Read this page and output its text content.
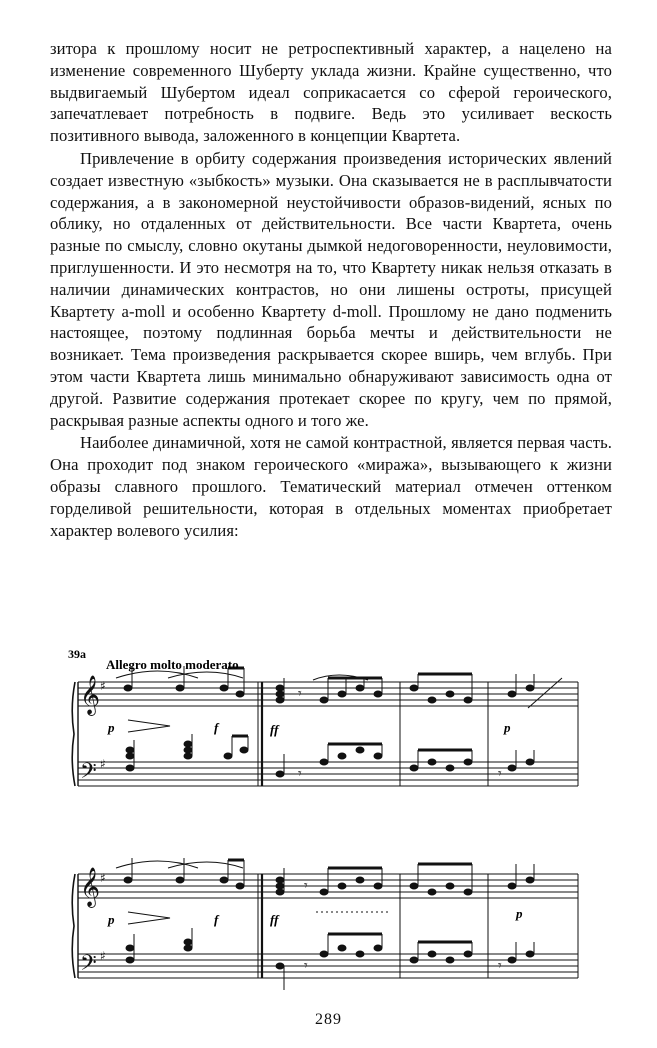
зитора к прошлому носит не ретроспективный характер, а нацелено на изменение современного Шуберту уклада жизни. Крайне существенно, что выдвигаемый Шубертом идеал соприкасается со сферой героического, запечатлевает потребность в подвиге. Ведь это усиливает вескость позитивного вывода, заложенного в концепции Квартета.

Привлечение в орбиту содержания произведения исторических явлений создает известную «зыбкость» музыки. Она сказывается не в расплывчатости содержания, а в закономерной неустойчивости образов-видений, ясных по облику, но отдаленных от действительности. Все части Квартета, очень разные по смыслу, словно окутаны дымкой недоговоренности, неуловимости, приглушенности. И это несмотря на то, что Квартету никак нельзя отказать в наличии динамических контрастов, но они лишены остроты, присущей Квартету a-moll и особенно Квартету d-moll. Прошлому не дано подменить настоящее, поэтому подлинная борьба мечты и действительности не возникает. Тема произведения раскрывается скорее вширь, чем вглубь. При этом части Квартета лишь минимально обнаруживают зависимость одна от другой. Развитие содержания протекает скорее по кругу, чем по прямой, раскрывая разные аспекты одного и того же.

Наиболее динамичной, хотя не самой контрастной, является первая часть. Она проходит под знаком героического «миража», вызывающего к жизни образы славного прошлого. Тематический материал отмечен оттенком горделивой решительности, которая в отдельных моментах приобретает характер волевого усилия:

𝄞
𝄢
𝄞
𝄢
♯
♯
♯
♯
𝄾
𝄾
𝄾
𝄾
𝄾
𝄾
39a
Allegro molto moderato
p	f	ff	p
p	f	ff	p
289
